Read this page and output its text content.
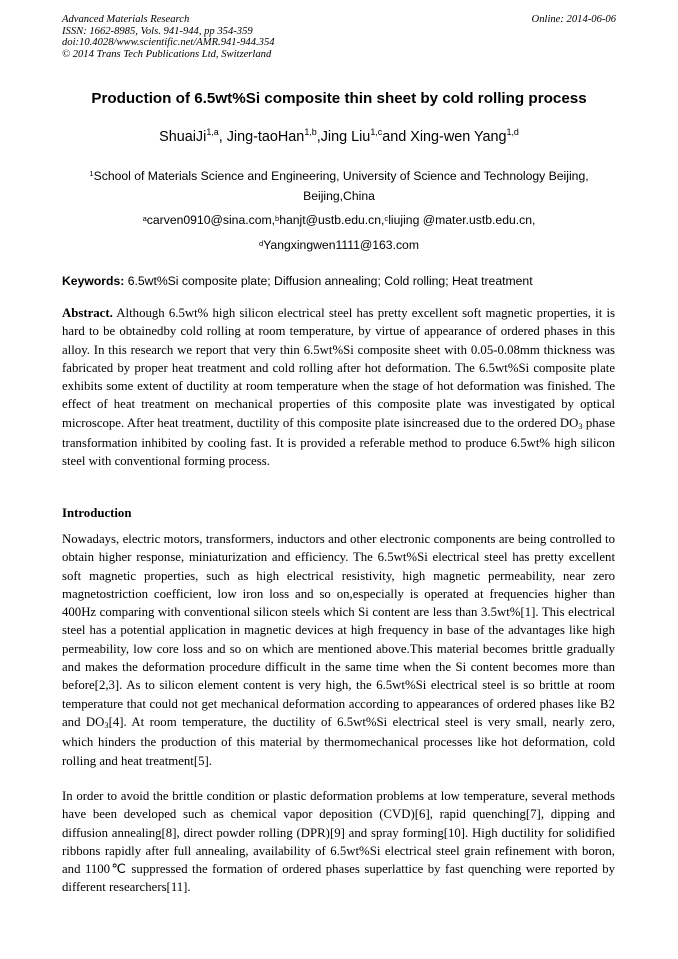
Advanced Materials Research
ISSN: 1662-8985, Vols. 941-944, pp 354-359
doi:10.4028/www.scientific.net/AMR.941-944.354
© 2014 Trans Tech Publications Ltd, Switzerland
Online: 2014-06-06
Production of 6.5wt%Si composite thin sheet by cold rolling process
ShuaiJi$^{1,a}$, Jing-taoHan$^{1,b}$,Jing Liu$^{1,c}$and Xing-wen Yang$^{1,d}$
$^1$School of Materials Science and Engineering, University of Science and Technology Beijing,
Beijing,China
$^a$carven0910@sina.com,$^b$hanjt@ustb.edu.cn,$^c$liujing @mater.ustb.edu.cn,
$^d$Yangxingwen1111@163.com
Keywords: 6.5wt%Si composite plate; Diffusion annealing; Cold rolling; Heat treatment

Abstract. Although 6.5wt% high silicon electrical steel has pretty excellent soft magnetic properties, it is hard to be obtainedby cold rolling at room temperature, by virtue of appearance of ordered phases in this alloy. In this research we report that very thin 6.5wt%Si composite sheet with 0.05-0.08mm thickness was fabricated by proper heat treatment and cold rolling after hot deformation. The 6.5wt%Si composite plate exhibits some extent of ductility at room temperature when the stage of hot deformation was finished. The effect of heat treatment on mechanical properties of this composite plate was investigated by optical microscope. After heat treatment, ductility of this composite plate isincreased due to the ordered $DO_3$ phase transformation inhibited by cooling fast. It is provided a referable method to produce 6.5wt% high silicon steel with conventional forming process.

Introduction

Nowadays, electric motors, transformers, inductors and other electronic components are being controlled to obtain higher response, miniaturization and efficiency. The 6.5wt%Si electrical steel has pretty excellent soft magnetic properties, such as high electrical resistivity, high magnetic permeability, near zero magnetostriction coefficient, low iron loss and so on,especially is operated at frequencies higher than 400Hz comparing with conventional silicon steels which Si content are less than 3.5wt%[1]. This electrical steel has a potential application in magnetic devices at high frequency in base of the advantages like high permeability, low core loss and so on which are mentioned above.This material becomes brittle gradually and makes the deformation procedure difficult in the same time when the Si content becomes more than before[2,3]. As to silicon element content is very high, the 6.5wt%Si electrical steel is so brittle at room temperature that could not get mechanical deformation according to appearances of ordered phases like B2 and $DO_3[4]$. At room temperature, the ductility of 6.5wt%Si electrical steel is very small, nearly zero, which hinders the production of this material by thermomechanical processes like hot deformation, cold rolling and heat treatment[5].

In order to avoid the brittle condition or plastic deformation problems at low temperature, several methods have been developed such as chemical vapor deposition (CVD)[6], rapid quenching[7], dipping and diffusion annealing[8], direct powder rolling (DPR)[9] and spray forming[10]. High ductility for solidified ribbons rapidly after full annealing, availability of 6.5wt%Si electrical steel grain refinement with boron, and 1100℃ suppressed the formation of ordered phases superlattice by fast quenching were reported by different researchers[11].
